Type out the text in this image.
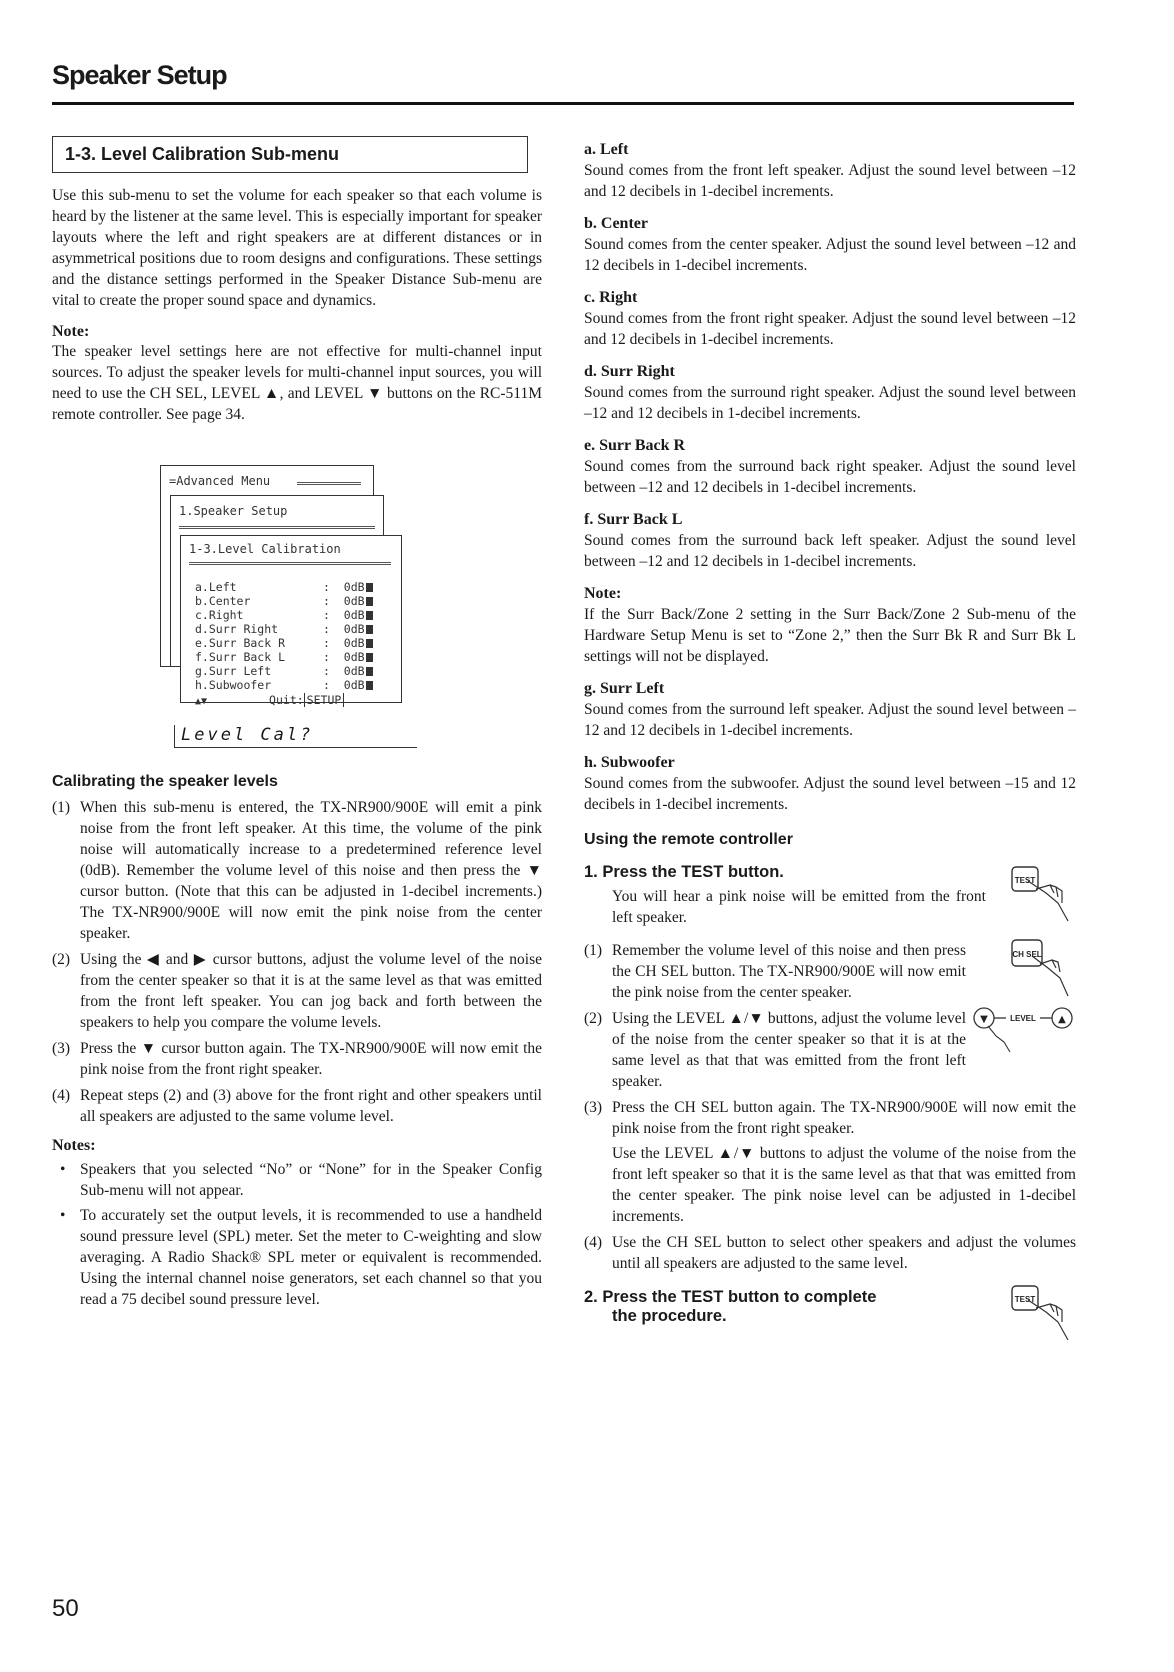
Speaker Setup
1-3. Level Calibration Sub-menu

Use this sub-menu to set the volume for each speaker so that each volume is heard by the listener at the same level. This is especially important for speaker layouts where the left and right speakers are at different distances or in asymmetrical positions due to room designs and configurations. These settings and the distance settings performed in the Speaker Distance Sub-menu are vital to create the proper sound space and dynamics.

Note:

The speaker level settings here are not effective for multi-channel input sources. To adjust the speaker levels for multi-channel input sources, you will need to use the CH SEL, LEVEL ▲, and LEVEL ▼ buttons on the RC-511M remote controller. See page 34.

=Advanced Menu
1.Speaker Setup
1-3.Level Calibration
a.Left	:  0dB
b.Center	:  0dB
c.Right	:  0dB
d.Surr Right	:  0dB
e.Surr Back R	:  0dB
f.Surr Back L	:  0dB
g.Surr Left	:  0dB
h.Subwoofer	:  0dB
▲▼	Quit: SETUP
Level Cal?

Calibrating the speaker levels

(1) When this sub-menu is entered, the TX-NR900/900E will emit a pink noise from the front left speaker. At this time, the volume of the pink noise will automatically increase to a predetermined reference level (0dB). Remember the volume level of this noise and then press the ▼ cursor button. (Note that this can be adjusted in 1-decibel increments.) The TX-NR900/900E will now emit the pink noise from the center speaker.
(2) Using the ◀ and ▶ cursor buttons, adjust the volume level of the noise from the center speaker so that it is at the same level as that was emitted from the front left speaker. You can jog back and forth between the speakers to help you compare the volume levels.
(3) Press the ▼ cursor button again. The TX-NR900/900E will now emit the pink noise from the front right speaker.
(4) Repeat steps (2) and (3) above for the front right and other speakers until all speakers are adjusted to the same volume level.

Notes:

• Speakers that you selected “No” or “None” for in the Speaker Config Sub-menu will not appear.
• To accurately set the output levels, it is recommended to use a handheld sound pressure level (SPL) meter. Set the meter to C-weighting and slow averaging. A Radio Shack® SPL meter or equivalent is recommended. Using the internal channel noise generators, set each channel so that you read a 75 decibel sound pressure level.

a. Left

Sound comes from the front left speaker. Adjust the sound level between –12 and 12 decibels in 1-decibel increments.

b. Center

Sound comes from the center speaker. Adjust the sound level between –12 and 12 decibels in 1-decibel increments.

c. Right

Sound comes from the front right speaker. Adjust the sound level between –12 and 12 decibels in 1-decibel increments.

d. Surr Right

Sound comes from the surround right speaker. Adjust the sound level between –12 and 12 decibels in 1-decibel increments.

e. Surr Back R

Sound comes from the surround back right speaker. Adjust the sound level between –12 and 12 decibels in 1-decibel increments.

f. Surr Back L

Sound comes from the surround back left speaker. Adjust the sound level between –12 and 12 decibels in 1-decibel increments.

Note:

If the Surr Back/Zone 2 setting in the Surr Back/Zone 2 Sub-menu of the Hardware Setup Menu is set to “Zone 2,” then the Surr Bk R and Surr Bk L settings will not be displayed.

g. Surr Left

Sound comes from the surround left speaker. Adjust the sound level between –12 and 12 decibels in 1-decibel increments.

h. Subwoofer

Sound comes from the subwoofer. Adjust the sound level between –15 and 12 decibels in 1-decibel increments.

Using the remote controller

1. Press the TEST button.

You will hear a pink noise will be emitted from the front left speaker.

TEST
(1) Remember the volume level of this noise and then press the CH SEL button. The TX-NR900/900E will now emit the pink noise from the center speaker.
CH SEL
(2) Using the LEVEL ▲/▼ buttons, adjust the volume level of the noise from the center speaker so that it is at the same level as that that was emitted from the front left speaker.
▼	▲
LEVEL
(3) Press the CH SEL button again. The TX-NR900/900E will now emit the pink noise from the front right speaker.

Use the LEVEL ▲/▼ buttons to adjust the volume of the noise from the front left speaker so that it is the same level as that that was emitted from the center speaker. The pink noise level can be adjusted in 1-decibel increments.

(4) Use the CH SEL button to select other speakers and adjust the volumes until all speakers are adjusted to the same level.

2. Press the TEST button to complete

the procedure.

TEST
50
